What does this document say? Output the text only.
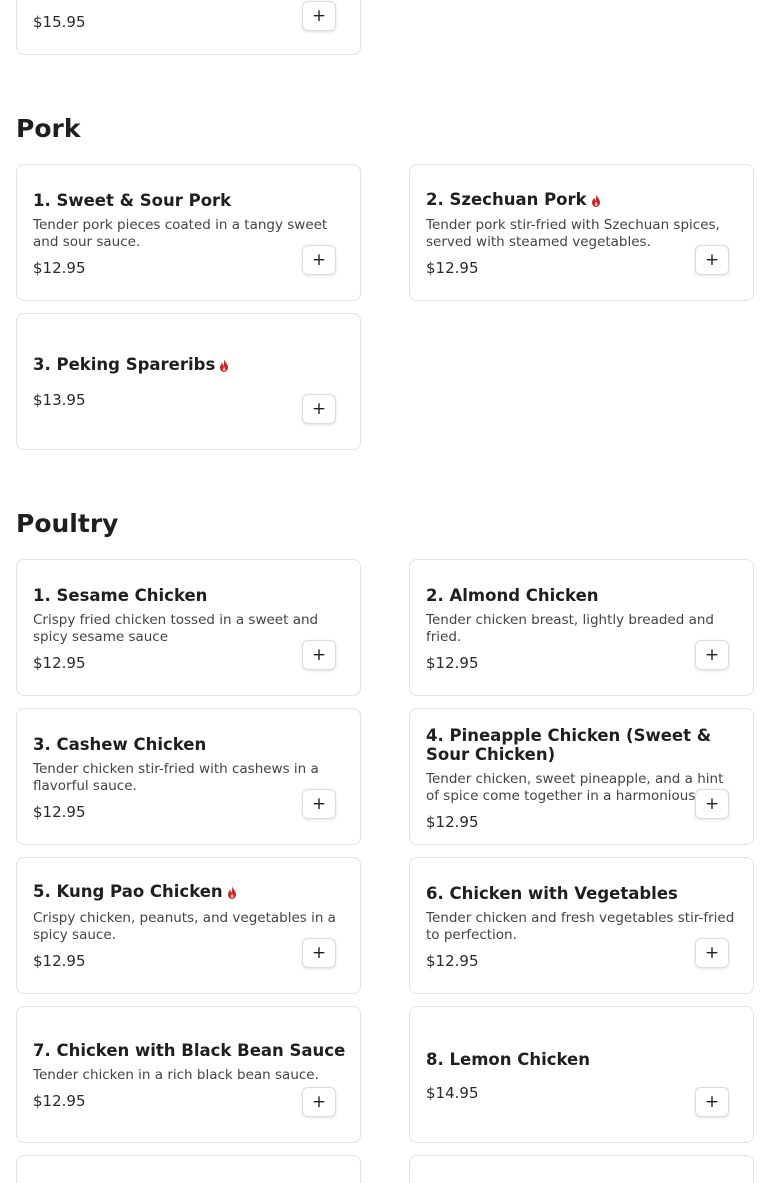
$15.95	+
Pork
1. Sweet & Sour Pork
Tender pork pieces coated in a tangy sweet and sour sauce.
$12.95	+
2. Szechuan Pork
Tender pork stir-fried with Szechuan spices, served with steamed vegetables.
$12.95	+
3. Peking Spareribs
$13.95	+
Poultry
1. Sesame Chicken
Crispy fried chicken tossed in a sweet and spicy sesame sauce
$12.95	+
2. Almond Chicken
Tender chicken breast, lightly breaded and fried.
$12.95	+
3. Cashew Chicken
Tender chicken stir-fried with cashews in a flavorful sauce.
$12.95	+
4. Pineapple Chicken (Sweet & Sour Chicken)
Tender chicken, sweet pineapple, and a hint of spice come together in a harmonious
$12.95
+
5. Kung Pao Chicken
Crispy chicken, peanuts, and vegetables in a spicy sauce.
$12.95	+
6. Chicken with Vegetables
Tender chicken and fresh vegetables stir-fried to perfection.
$12.95	+
7. Chicken with Black Bean Sauce
Tender chicken in a rich black bean sauce.
$12.95	+
8. Lemon Chicken
$14.95	+
